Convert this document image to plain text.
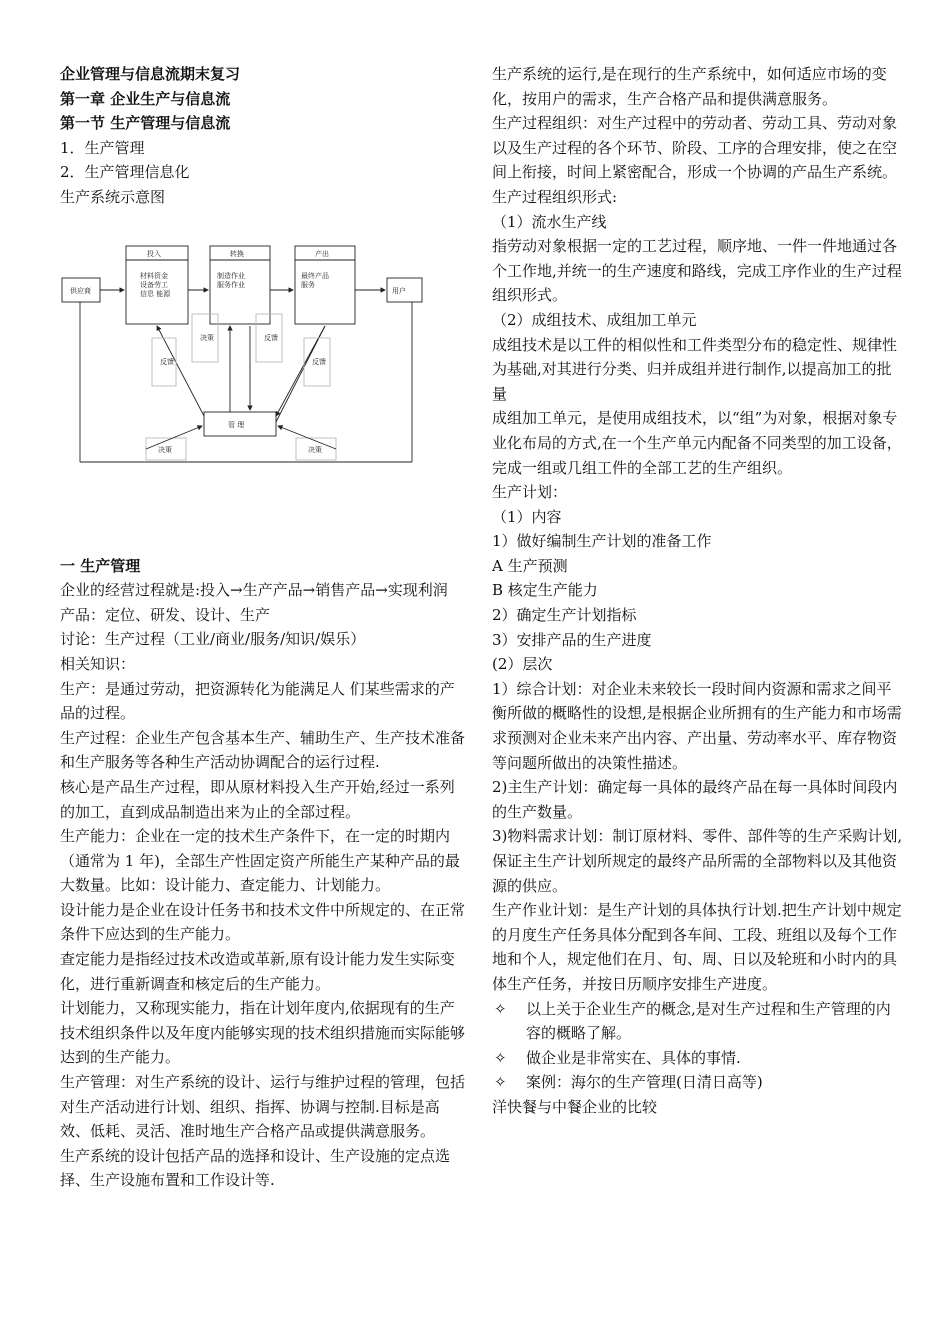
企业管理与信息流期末复习

第一章 企业生产与信息流

第一节 生产管理与信息流

1．生产管理

2．生产管理信息化

生产系统示意图

供应商
投入	转换	产出
材料资金
设备劳工
信息 能源
制造作业
服务作业
最终产品
服务
用户
管 理
反馈
决策	反馈
反馈
决策	决策

一 生产管理

企业的经营过程就是:投入→生产产品→销售产品→实现利润

产品：定位、研发、设计、生产

讨论：生产过程（工业/商业/服务/知识/娱乐）

相关知识：

生产：是通过劳动，把资源转化为能满足人 们某些需求的产品的过程。

生产过程：企业生产包含基本生产、辅助生产、生产技术准备和生产服务等各种生产活动协调配合的运行过程.

核心是产品生产过程，即从原材料投入生产开始,经过一系列的加工，直到成品制造出来为止的全部过程。

生产能力：企业在一定的技术生产条件下，在一定的时期内（通常为 1 年)，全部生产性固定资产所能生产某种产品的最大数量。比如：设计能力、查定能力、计划能力。

设计能力是企业在设计任务书和技术文件中所规定的、在正常条件下应达到的生产能力。

查定能力是指经过技术改造或革新,原有设计能力发生实际变化，进行重新调查和核定后的生产能力。

计划能力，又称现实能力，指在计划年度内,依据现有的生产技术组织条件以及年度内能够实现的技术组织措施而实际能够达到的生产能力。

生产管理：对生产系统的设计、运行与维护过程的管理，包括对生产活动进行计划、组织、指挥、协调与控制.目标是高效、低耗、灵活、准时地生产合格产品或提供满意服务。

生产系统的设计包括产品的选择和设计、生产设施的定点选择、生产设施布置和工作设计等.

生产系统的运行,是在现行的生产系统中，如何适应市场的变化，按用户的需求，生产合格产品和提供满意服务。

生产过程组织：对生产过程中的劳动者、劳动工具、劳动对象以及生产过程的各个环节、阶段、工序的合理安排，使之在空间上衔接，时间上紧密配合，形成一个协调的产品生产系统。

生产过程组织形式:

（1）流水生产线

指劳动对象根据一定的工艺过程，顺序地、一件一件地通过各个工作地,并统一的生产速度和路线，完成工序作业的生产过程组织形式。

（2）成组技术、成组加工单元

成组技术是以工件的相似性和工件类型分布的稳定性、规律性为基础,对其进行分类、归并成组并进行制作,以提高加工的批量

成组加工单元，是使用成组技术，以“组”为对象，根据对象专业化布局的方式,在一个生产单元内配备不同类型的加工设备，完成一组或几组工件的全部工艺的生产组织。

生产计划：

（1）内容

1）做好编制生产计划的准备工作

A 生产预测

B 核定生产能力

2）确定生产计划指标

3）安排产品的生产进度

(2）层次

1）综合计划：对企业未来较长一段时间内资源和需求之间平衡所做的概略性的设想,是根据企业所拥有的生产能力和市场需求预测对企业未来产出内容、产出量、劳动率水平、库存物资等问题所做出的决策性描述。

2)主生产计划：确定每一具体的最终产品在每一具体时间段内的生产数量。

3)物料需求计划：制订原材料、零件、部件等的生产采购计划,保证主生产计划所规定的最终产品所需的全部物料以及其他资源的供应。

生产作业计划：是生产计划的具体执行计划.把生产计划中规定的月度生产任务具体分配到各车间、工段、班组以及每个工作地和个人，规定他们在月、旬、周、日以及轮班和小时内的具体生产任务，并按日历顺序安排生产进度。

✧	以上关于企业生产的概念,是对生产过程和生产管理的内容的概略了解。
✧	做企业是非常实在、具体的事情.
✧	案例：海尔的生产管理(日清日高等)

洋快餐与中餐企业的比较
